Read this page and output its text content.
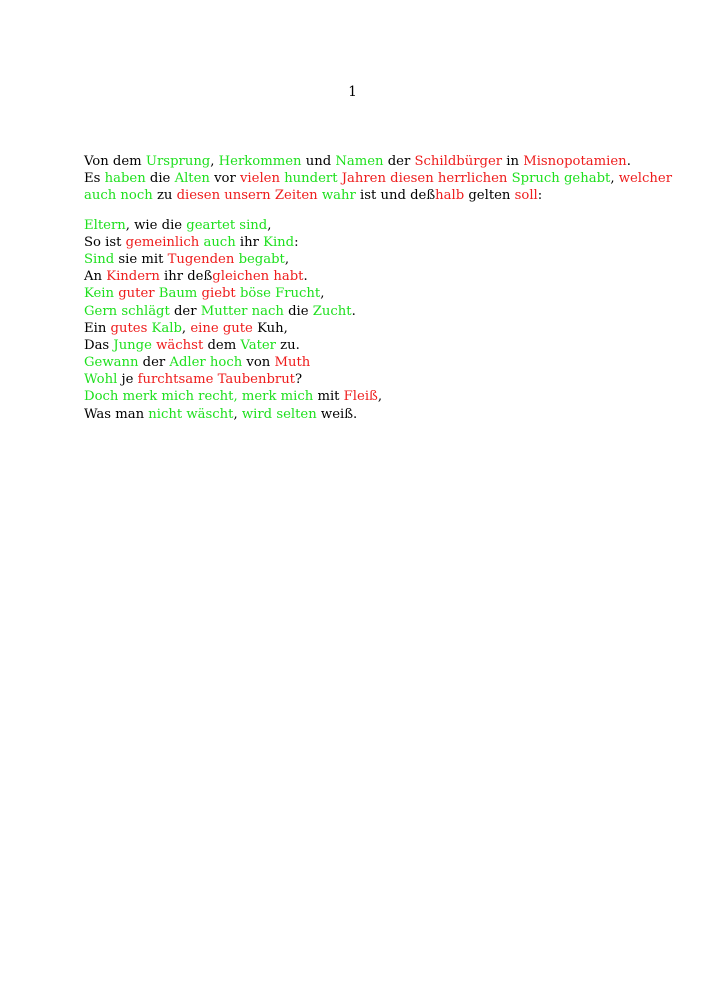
1
Von dem Ursprung, Herkommen und Namen der Schildbürger in Misnopotamien.
Es haben die Alten vor vielen hundert Jahren diesen herrlichen Spruch gehabt, welcher
auch noch zu diesen unsern Zeiten wahr ist und deßhalb gelten soll:
Eltern, wie die geartet sind,
So ist gemeinlich auch ihr Kind:
Sind sie mit Tugenden begabt,
An Kindern ihr deßgleichen habt.
Kein guter Baum giebt böse Frucht,
Gern schlägt der Mutter nach die Zucht.
Ein gutes Kalb, eine gute Kuh,
Das Junge wächst dem Vater zu.
Gewann der Adler hoch von Muth
Wohl je furchtsame Taubenbrut?
Doch merk mich recht, merk mich mit Fleiß,
Was man nicht wäscht, wird selten weiß.
